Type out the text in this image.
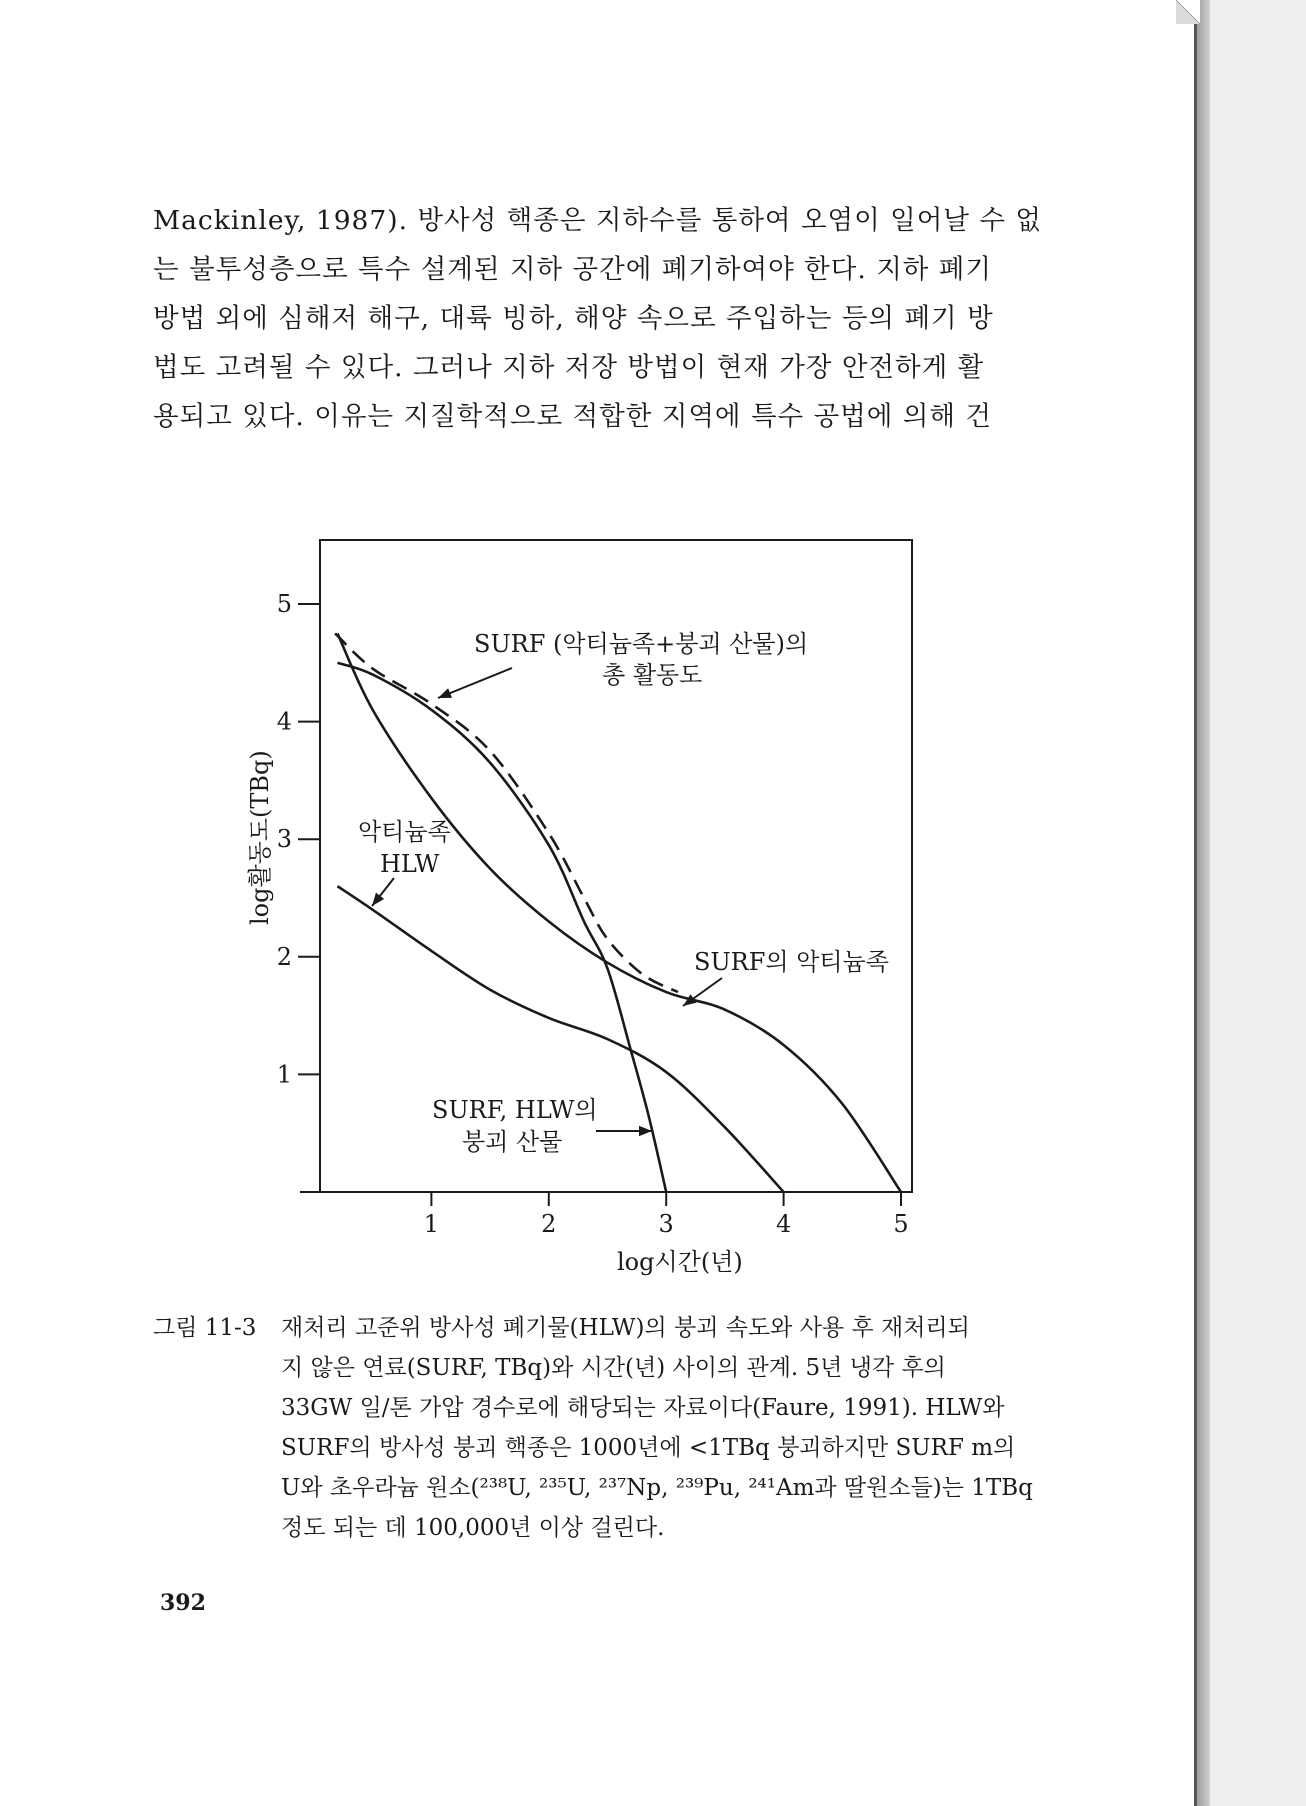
Mackinley, 1987). 방사성 핵종은 지하수를 통하여 오염이 일어날 수 없
는 불투성층으로 특수 설계된 지하 공간에 폐기하여야 한다. 지하 폐기
방법 외에 심해저 해구, 대륙 빙하, 해양 속으로 주입하는 등의 폐기 방
법도 고려될 수 있다. 그러나 지하 저장 방법이 현재 가장 안전하게 활
용되고 있다. 이유는 지질학적으로 적합한 지역에 특수 공법에 의해 건

1	2	3	4	5
1
2
3
4
5
SURF (악티늄족+붕괴 산물)의
총 활동도
악티늄족
HLW
SURF의 악티늄족
SURF, HLW의
붕괴 산물
log시간(년)
log활동도(TBq)
그림 11-3 재처리 고준위 방사성 폐기물(HLW)의 붕괴 속도와 사용 후 재처리되
지 않은 연료(SURF, TBq)와 시간(년) 사이의 관계. 5년 냉각 후의
33GW 일/톤 가압 경수로에 해당되는 자료이다(Faure, 1991). HLW와
SURF의 방사성 붕괴 핵종은 1000년에 <1TBq 붕괴하지만 SURF m의
U와 초우라늄 원소(²³⁸U, ²³⁵U, ²³⁷Np, ²³⁹Pu, ²⁴¹Am과 딸원소들)는 1TBq
정도 되는 데 100,000년 이상 걸린다.
392
